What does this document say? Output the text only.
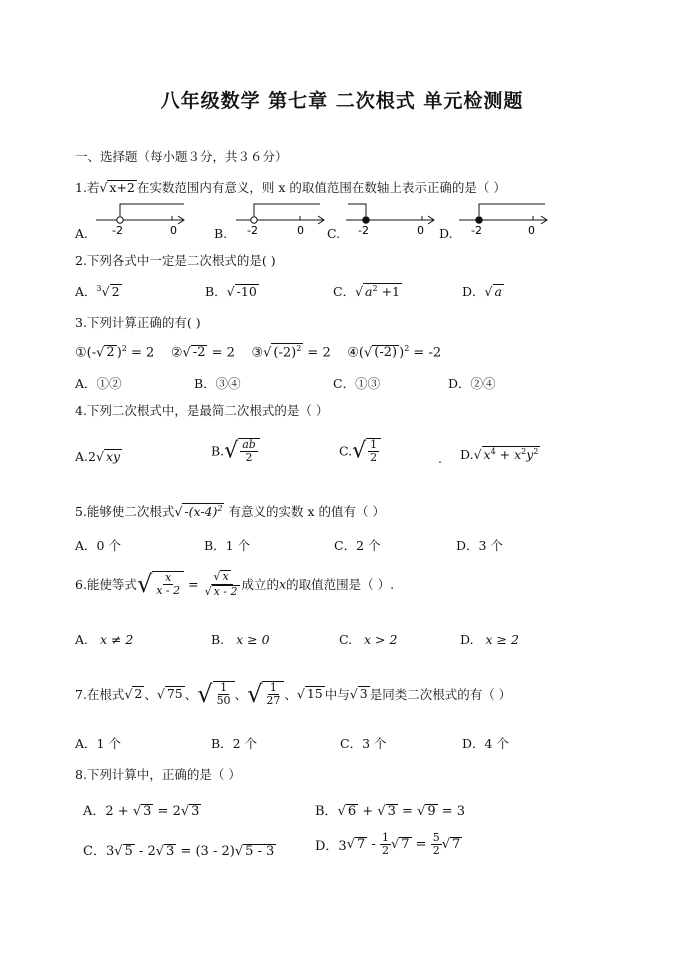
八年级数学 第七章 二次根式 单元检测题
一、选择题（每小题３分，共３６分）
1.若√ x+2 在实数范围内有意义，则 x 的取值范围在数轴上表示正确的是（ ）
A.	B.	C.	D.
-2	0	-2	0	-2	0	-2	0
2.下列各式中一定是二次根式的是( )
A．$^3$√ 2	B．√ -10	C．√ $a^2 +1$	D．√ a
3.下列计算正确的有( )
①(-√ 2 )$^2$ = 2 ②√ -2 = 2 ③√ $(-2)^2 = 2$ ④(√ (-2) )$^2$ = -2
A．①②	B．③④	C．①③	D．②④
4.下列二次根式中，是最简二次根式的是（ ）
A.2√ xy	$B.√ \frac{ab}{2}$	$C.√ \frac{1}{2}$	. D.√ $x^4 + x^2y^2$
5.能够使二次根式√ $-(x-4)^2$ 有意义的实数 x 的值有（ ）
A．0 个	B．1 个	C．2 个	D．3 个
6.能使等式√ $\frac{x}{x - 2} = \frac{√ x}{√ x - 2}$ 成立的x的取值范围是（ ）.
A. x ≠ 2	B. x ≥ 0	C. x > 2	D. x ≥ 2
7.在根式√ 2 、√ 75 、√ $\frac{1}{50}$ 、√ $\frac{1}{27}$ 、√ 15 中与√ 3 是同类二次根式的有（ ）
A．1 个	B．2 个	C．3 个	D．4 个
8.下列计算中，正确的是（ ）
A．2 + √ 3 = 2√ 3	B．√ 6 + √ 3 = √ 9 = 3
C．3√ 5 - 2√ 3 = (3 - 2)√ 5 - 3	D．3√ $7 - \frac{1}{2}$ √ $7 = \frac{5}{2}$ √ 7
